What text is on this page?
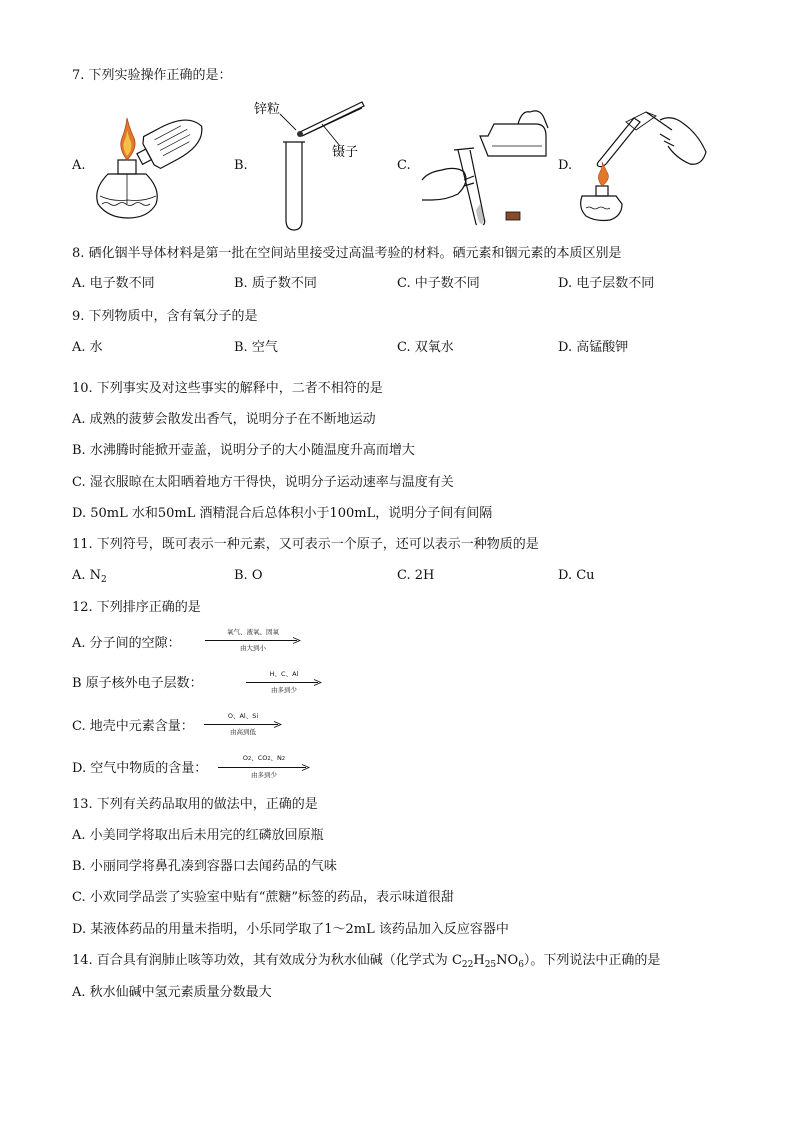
7. 下列实验操作正确的是：
A.	B.	C.	D.
锌粒
镊子
8. 硒化铟半导体材料是第一批在空间站里接受过高温考验的材料。硒元素和铟元素的本质区别是
A. 电子数不同	B. 质子数不同	C. 中子数不同	D. 电子层数不同
9. 下列物质中，含有氧分子的是
A. 水	B. 空气	C. 双氧水	D. 高锰酸钾
10. 下列事实及对这些事实的解释中，二者不相符的是
A. 成熟的菠萝会散发出香气，说明分子在不断地运动
B. 水沸腾时能掀开壶盖，说明分子的大小随温度升高而增大
C. 湿衣服晾在太阳晒着地方干得快，说明分子运动速率与温度有关
D. 50mL 水和50mL 酒精混合后总体积小于100mL，说明分子间有间隔
11. 下列符号，既可表示一种元素，又可表示一个原子，还可以表示一种物质的是
A. $N_2$	B. O	C. 2H	D. Cu
12. 下列排序正确的是
A. 分子间的空隙：
氧气、液氧、固氧
由大到小
B 原子核外电子层数：
H、C、Al
由多到少
C. 地壳中元素含量：
O、Al、Si
由高到低
D. 空气中物质的含量：
O2、CO2、N2
由多到少
13. 下列有关药品取用的做法中，正确的是
A. 小美同学将取出后未用完的红磷放回原瓶
B. 小丽同学将鼻孔凑到容器口去闻药品的气味
C. 小欢同学品尝了实验室中贴有“蔗糖”标签的药品，表示味道很甜
D. 某液体药品的用量未指明，小乐同学取了1～2mL 该药品加入反应容器中
14. 百合具有润肺止咳等功效，其有效成分为秋水仙碱（化学式为 $C_{22}H_{25}NO_6$）。下列说法中正确的是
A. 秋水仙碱中氢元素质量分数最大
